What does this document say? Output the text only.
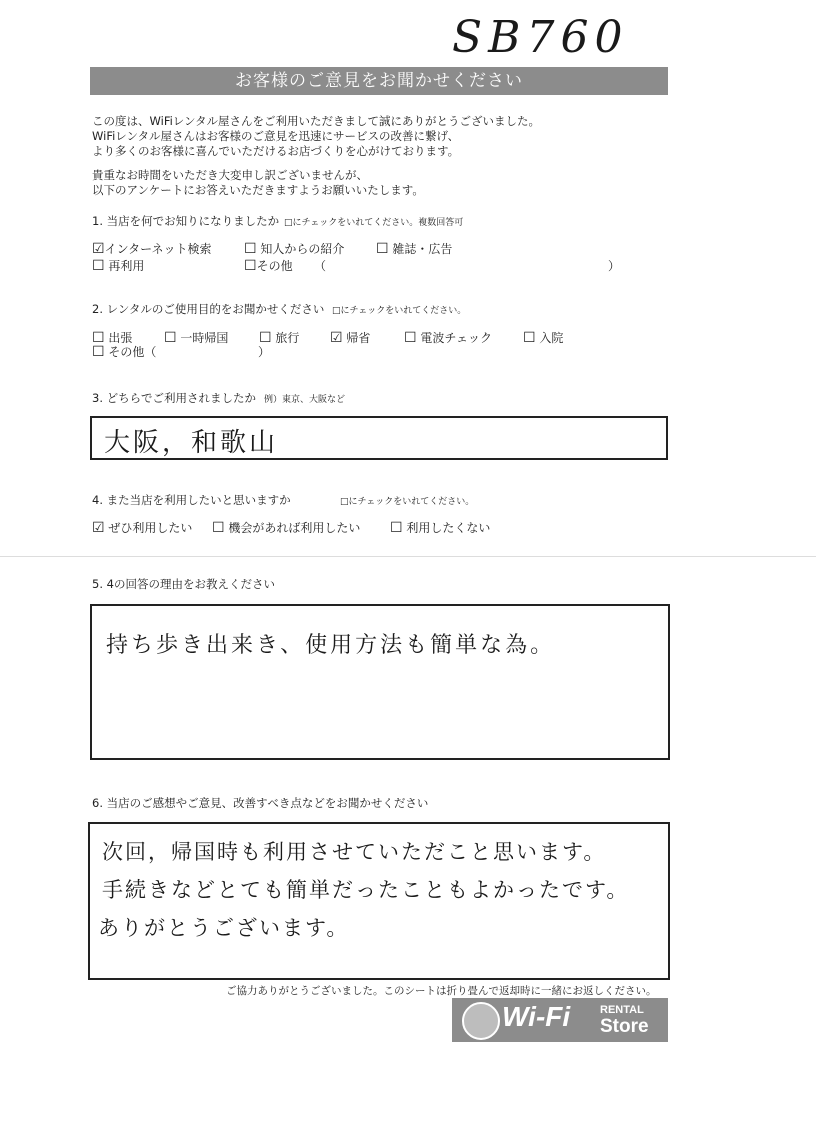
SB760
お客様のご意見をお聞かせください
この度は、WiFiレンタル屋さんをご利用いただきまして誠にありがとうございました。
WiFiレンタル屋さんはお客様のご意見を迅速にサービスの改善に繋げ、
より多くのお客様に喜んでいただけるお店づくりを心がけております。
貴重なお時間をいただき大変申し訳ございませんが、
以下のアンケートにお答えいただきますようお願いいたします。
1. 当店を何でお知りになりましたか □にチェックをいれてください。複数回答可
☑インターネット検索 ☐ 知人からの紹介 ☐ 雑誌・広告
☐ 再利用	☐その他 （	）
2. レンタルのご使用目的をお聞かせください □にチェックをいれてください。
☐ 出張 ☐ 一時帰国 ☐ 旅行 ☑ 帰省 ☐ 電波チェック ☐ 入院
☐ その他（	）
3. どちらでご利用されましたか 例）東京、大阪など
大阪，和歌山
4. また当店を利用したいと思いますか	□にチェックをいれてください。
☑ ぜひ利用したい ☐ 機会があれば利用したい ☐ 利用したくない
5. 4の回答の理由をお教えください
持ち歩き出来き、使用方法も簡単な為。
6. 当店のご感想やご意見、改善すべき点などをお聞かせください
次回，帰国時も利用させていただこと思います。
手続きなどとても簡単だったこともよかったです。
ありがとうございます。
ご協力ありがとうございました。このシートは折り畳んで返却時に一緒にお返しください。
Wi-Fi	RENTAL
Store
